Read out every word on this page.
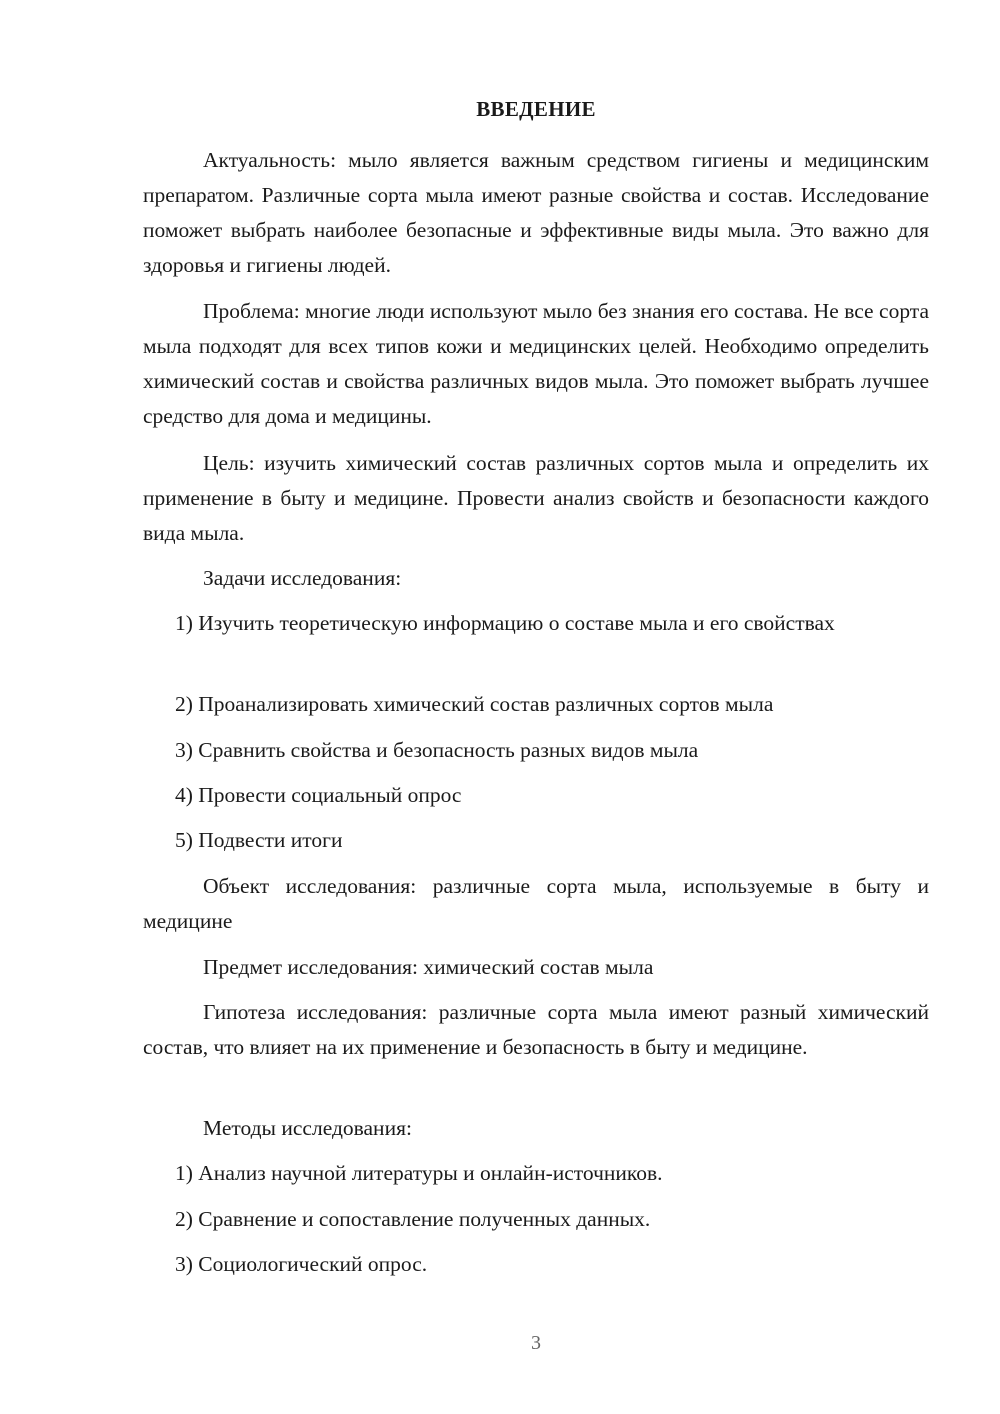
ВВЕДЕНИЕ

Актуальность: мыло является важным средством гигиены и медицинским препаратом. Различные сорта мыла имеют разные свойства и состав. Исследование поможет выбрать наиболее безопасные и эффективные виды мыла. Это важно для здоровья и гигиены людей.

Проблема: многие люди используют мыло без знания его состава. Не все сорта мыла подходят для всех типов кожи и медицинских целей. Необходимо определить химический состав и свойства различных видов мыла. Это поможет выбрать лучшее средство для дома и медицины.

Цель: изучить химический состав различных сортов мыла и определить их применение в быту и медицине. Провести анализ свойств и безопасности каждого вида мыла.

Задачи исследования:

1) Изучить теоретическую информацию о составе мыла и его свойствах

2) Проанализировать химический состав различных сортов мыла

3) Сравнить свойства и безопасность разных видов мыла

4) Провести социальный опрос

5) Подвести итоги

Объект исследования: различные сорта мыла, используемые в быту и медицине

Предмет исследования: химический состав мыла

Гипотеза исследования: различные сорта мыла имеют разный химический состав, что влияет на их применение и безопасность в быту и медицине.

Методы исследования:

1) Анализ научной литературы и онлайн-источников.

2) Сравнение и сопоставление полученных данных.

3) Социологический опрос.

3
